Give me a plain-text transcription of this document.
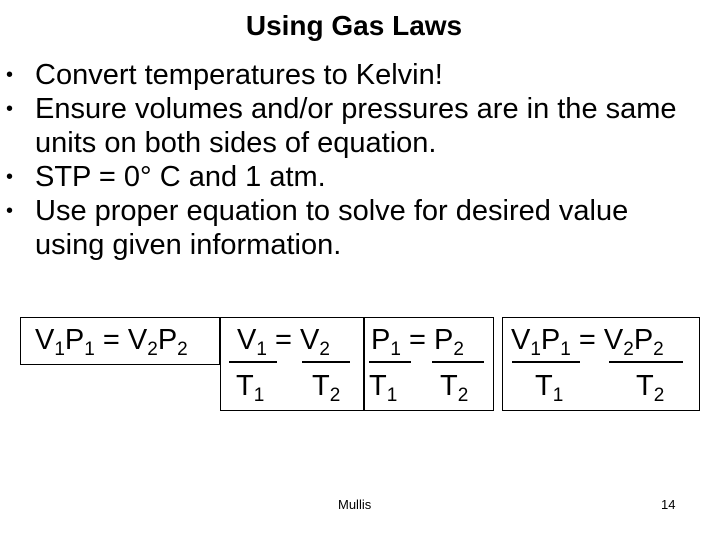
Using Gas Laws
• Convert temperatures to Kelvin!
• Ensure volumes and/or pressures are in the same units on both sides of equation.
• STP = 0° C and 1 atm.
• Use proper equation to solve for desired value using given information.
$V_1P_1 = V_2P_2$ $V_1 = V_2$
$T_1$ $T_2$
$P_1 = P_2$
$T_1$ $T_2$
$V_1P_1 = V_2P_2$
$T_1$	$T_2$
Mullis	14
